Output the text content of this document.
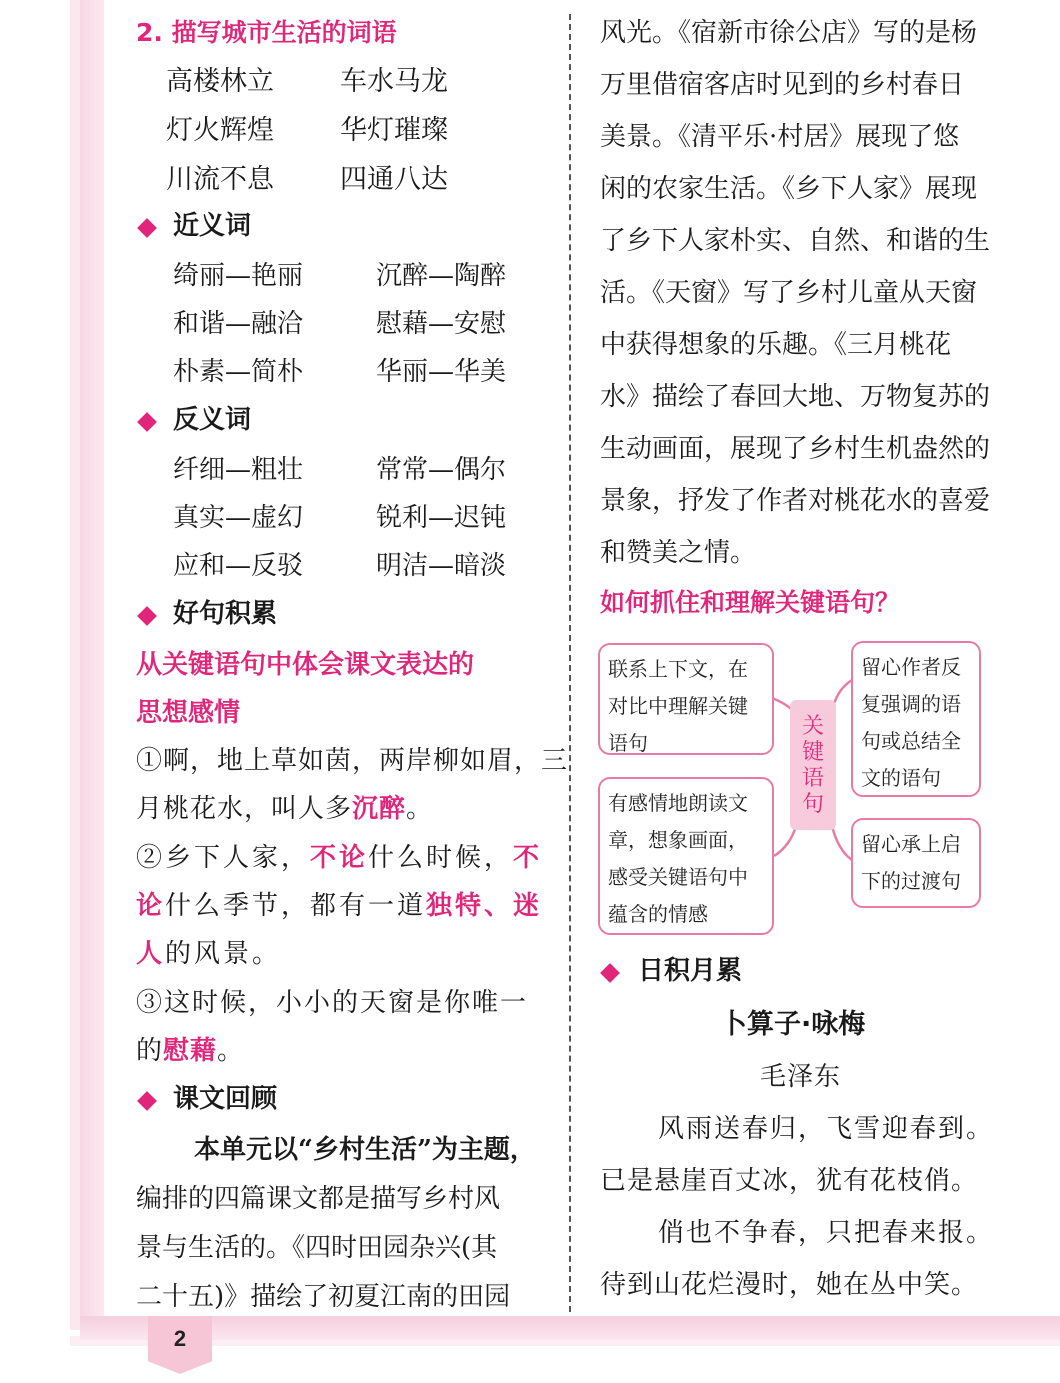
2
2. 描写城市生活的词语
高楼林立 车水马龙
灯火辉煌 华灯璀璨
川流不息 四通八达
近义词
绮丽—艳丽	沉醉—陶醉
和谐—融洽	慰藉—安慰
朴素—简朴	华丽—华美
反义词
纤细—粗壮	常常—偶尔
真实—虚幻	锐利—迟钝
应和—反驳	明洁—暗淡
好句积累
从关键语句中体会课文表达的
思想感情
①啊，地上草如茵，两岸柳如眉，三
月桃花水，叫人多沉醉。
②乡下人家，不论什么时候，不
论什么季节，都有一道独特、迷
人的风景。
③这时候，小小的天窗是你唯一
的慰藉。
课文回顾
本单元以“乡村生活”为主题，
编排的四篇课文都是描写乡村风
景与生活的。《四时田园杂兴(其
二十五)》描绘了初夏江南的田园
风光。《宿新市徐公店》写的是杨
万里借宿客店时见到的乡村春日
美景。《清平乐·村居》展现了悠
闲的农家生活。《乡下人家》展现
了乡下人家朴实、自然、和谐的生
活。《天窗》写了乡村儿童从天窗
中获得想象的乐趣。《三月桃花
水》描绘了春回大地、万物复苏的
生动画面，展现了乡村生机盎然的
景象，抒发了作者对桃花水的喜爱
和赞美之情。
如何抓住和理解关键语句？
关键语句
联系上下文，在
对比中理解关键
语句
留心作者反
复强调的语
句或总结全
文的语句
有感情地朗读文
章，想象画面，
感受关键语句中
蕴含的情感
留心承上启
下的过渡句
日积月累
卜算子·咏梅
毛泽东
风雨送春归，飞雪迎春到。
已是悬崖百丈冰，犹有花枝俏。
俏也不争春，只把春来报。
待到山花烂漫时，她在丛中笑。
